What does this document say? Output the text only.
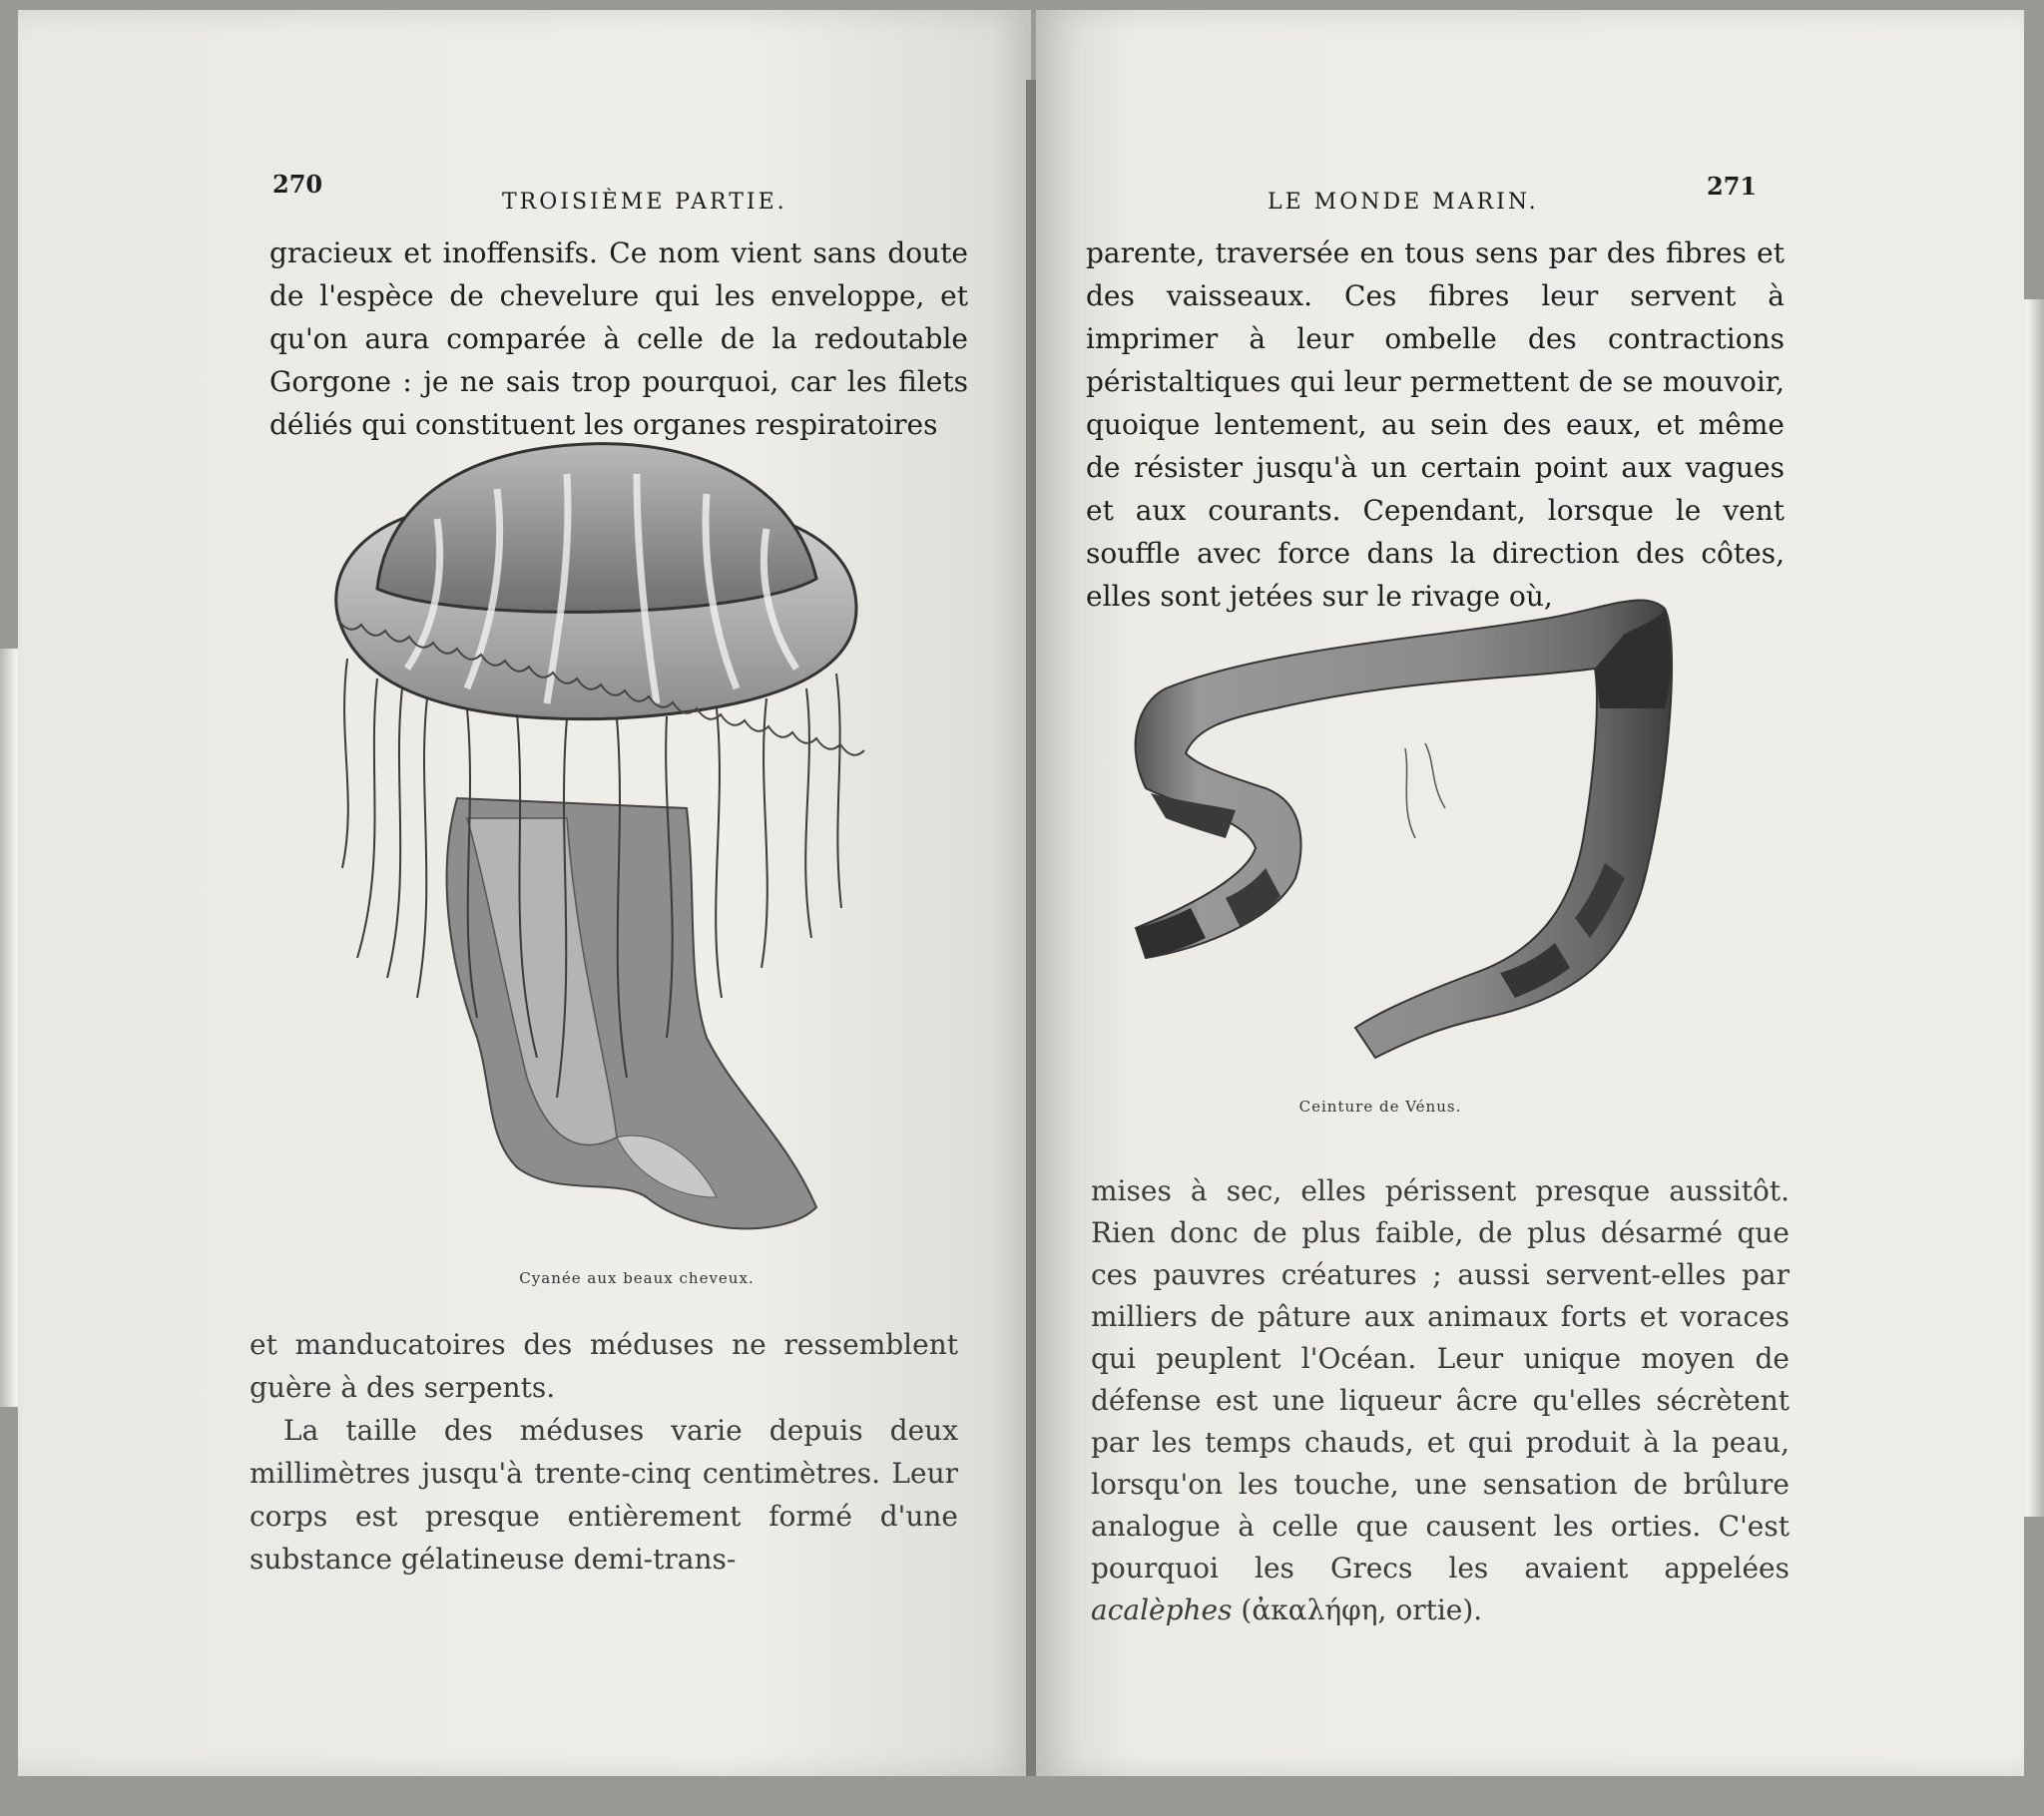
270
TROISIÈME PARTIE.

gracieux et inoffensifs. Ce nom vient sans doute de l'espèce de chevelure qui les enveloppe, et qu'on aura comparée à celle de la redoutable Gorgone : je ne sais trop pourquoi, car les filets déliés qui constituent les organes respiratoires

Cyanée aux beaux cheveux.

et manducatoires des méduses ne ressemblent guère à des serpents.

La taille des méduses varie depuis deux millimètres jusqu'à trente-cinq centimètres. Leur corps est presque entièrement formé d'une substance gélatineuse demi-trans-

LE MONDE MARIN.
271

parente, traversée en tous sens par des fibres et des vaisseaux. Ces fibres leur servent à imprimer à leur ombelle des contractions péristaltiques qui leur permettent de se mouvoir, quoique lentement, au sein des eaux, et même de résister jusqu'à un certain point aux vagues et aux courants. Cependant, lorsque le vent souffle avec force dans la direction des côtes, elles sont jetées sur le rivage où,

Ceinture de Vénus.

mises à sec, elles périssent presque aussitôt. Rien donc de plus faible, de plus désarmé que ces pauvres créatures ; aussi servent-elles par milliers de pâture aux animaux forts et voraces qui peuplent l'Océan. Leur unique moyen de défense est une liqueur âcre qu'elles sécrètent par les temps chauds, et qui produit à la peau, lorsqu'on les touche, une sensation de brûlure analogue à celle que causent les orties. C'est pourquoi les Grecs les avaient appelées acalèphes (ἀκαλήφη, ortie).
